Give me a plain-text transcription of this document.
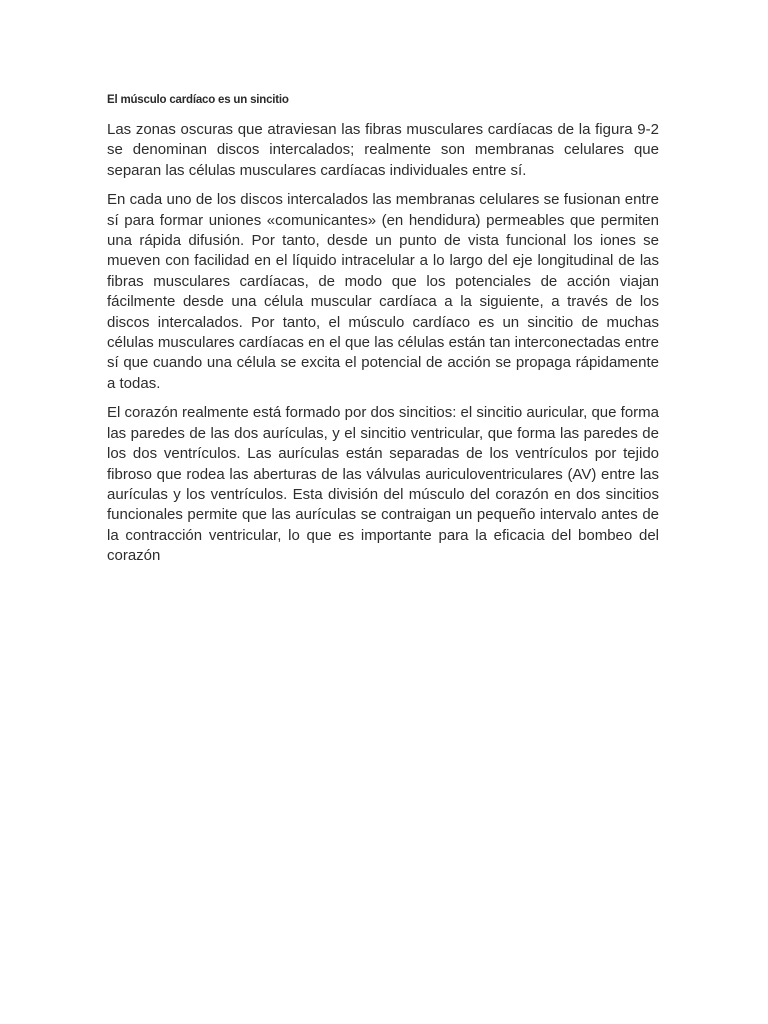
El músculo cardíaco es un sincitio

Las zonas oscuras que atraviesan las fibras musculares cardíacas de la figura 9-2 se denominan discos intercalados; realmente son membranas celulares que separan las células musculares cardíacas individuales entre sí.

En cada uno de los discos intercalados las membranas celulares se fusionan entre sí para formar uniones «comunicantes» (en hendidura) permeables que permiten una rápida difusión. Por tanto, desde un punto de vista funcional los iones se mueven con facilidad en el líquido intracelular a lo largo del eje longitudinal de las fibras musculares cardíacas, de modo que los potenciales de acción viajan fácilmente desde una célula muscular cardíaca a la siguiente, a través de los discos intercalados. Por tanto, el músculo cardíaco es un sincitio de muchas células musculares cardíacas en el que las células están tan interconectadas entre sí que cuando una célula se excita el potencial de acción se propaga rápidamente a todas.

El corazón realmente está formado por dos sincitios: el sincitio auricular, que forma las paredes de las dos aurículas, y el sincitio ventricular, que forma las paredes de los dos ventrículos. Las aurículas están separadas de los ventrículos por tejido fibroso que rodea las aberturas de las válvulas auriculoventriculares (AV) entre las aurículas y los ventrículos. Esta división del músculo del corazón en dos sincitios funcionales permite que las aurículas se contraigan un pequeño intervalo antes de la contracción ventricular, lo que es importante para la eficacia del bombeo del corazón
